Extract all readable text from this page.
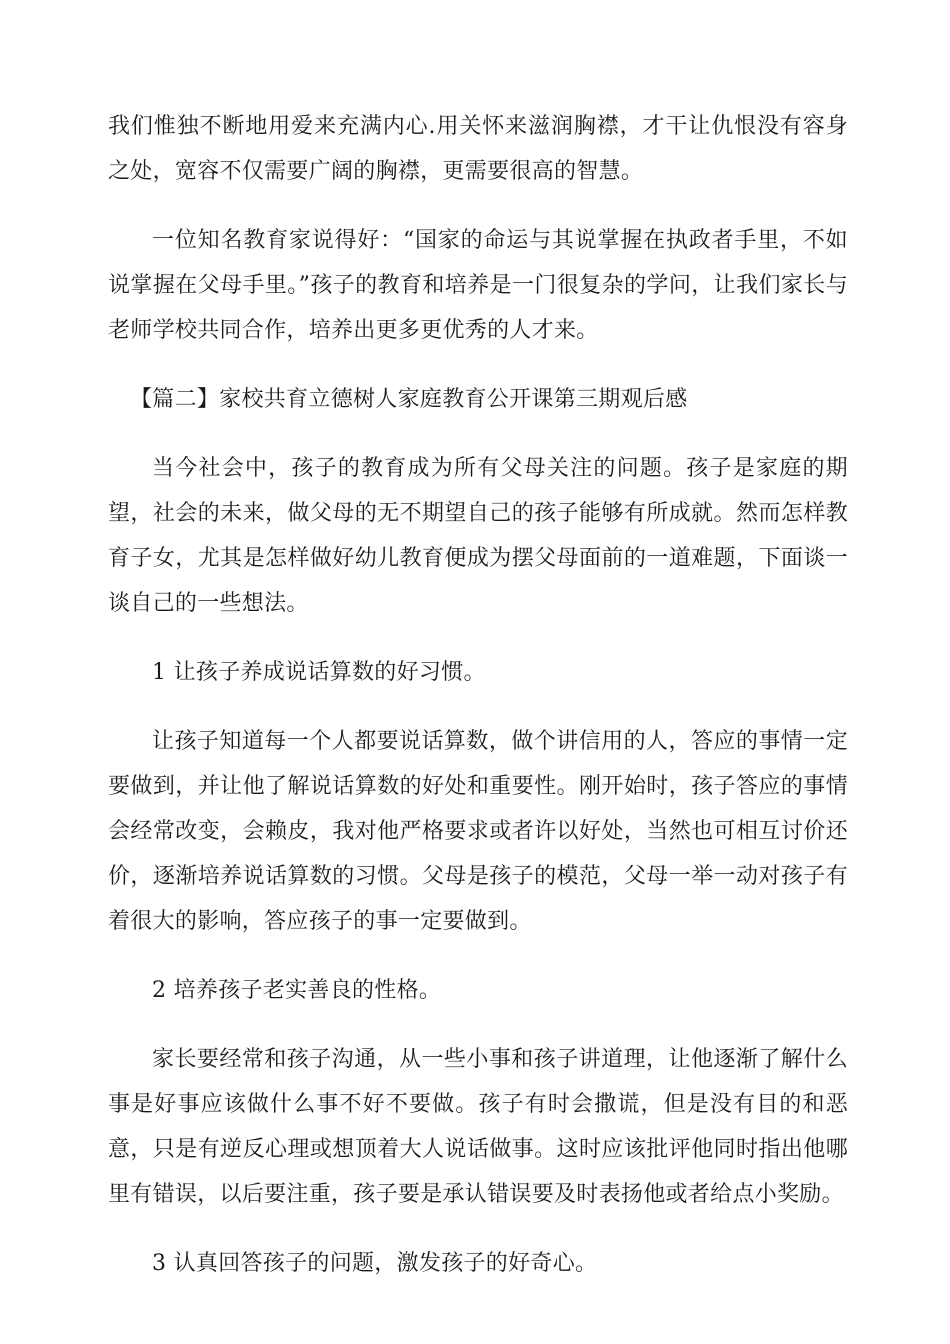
我们惟独不断地用爱来充满内心.用关怀来滋润胸襟，才干让仇恨没有容身之处，宽容不仅需要广阔的胸襟，更需要很高的智慧。

一位知名教育家说得好：“国家的命运与其说掌握在执政者手里，不如说掌握在父母手里。”孩子的教育和培养是一门很复杂的学问，让我们家长与老师学校共同合作，培养出更多更优秀的人才来。

【篇二】家校共育立德树人家庭教育公开课第三期观后感

当今社会中，孩子的教育成为所有父母关注的问题。孩子是家庭的期望，社会的未来，做父母的无不期望自己的孩子能够有所成就。然而怎样教育子女，尤其是怎样做好幼儿教育便成为摆父母面前的一道难题，下面谈一谈自己的一些想法。

1 让孩子养成说话算数的好习惯。

让孩子知道每一个人都要说话算数，做个讲信用的人，答应的事情一定要做到，并让他了解说话算数的好处和重要性。刚开始时，孩子答应的事情会经常改变，会赖皮，我对他严格要求或者许以好处，当然也可相互讨价还价，逐渐培养说话算数的习惯。父母是孩子的模范，父母一举一动对孩子有着很大的影响，答应孩子的事一定要做到。

2 培养孩子老实善良的性格。

家长要经常和孩子沟通，从一些小事和孩子讲道理，让他逐渐了解什么事是好事应该做什么事不好不要做。孩子有时会撒谎，但是没有目的和恶意，只是有逆反心理或想顶着大人说话做事。这时应该批评他同时指出他哪里有错误，以后要注重，孩子要是承认错误要及时表扬他或者给点小奖励。

3 认真回答孩子的问题，激发孩子的好奇心。
